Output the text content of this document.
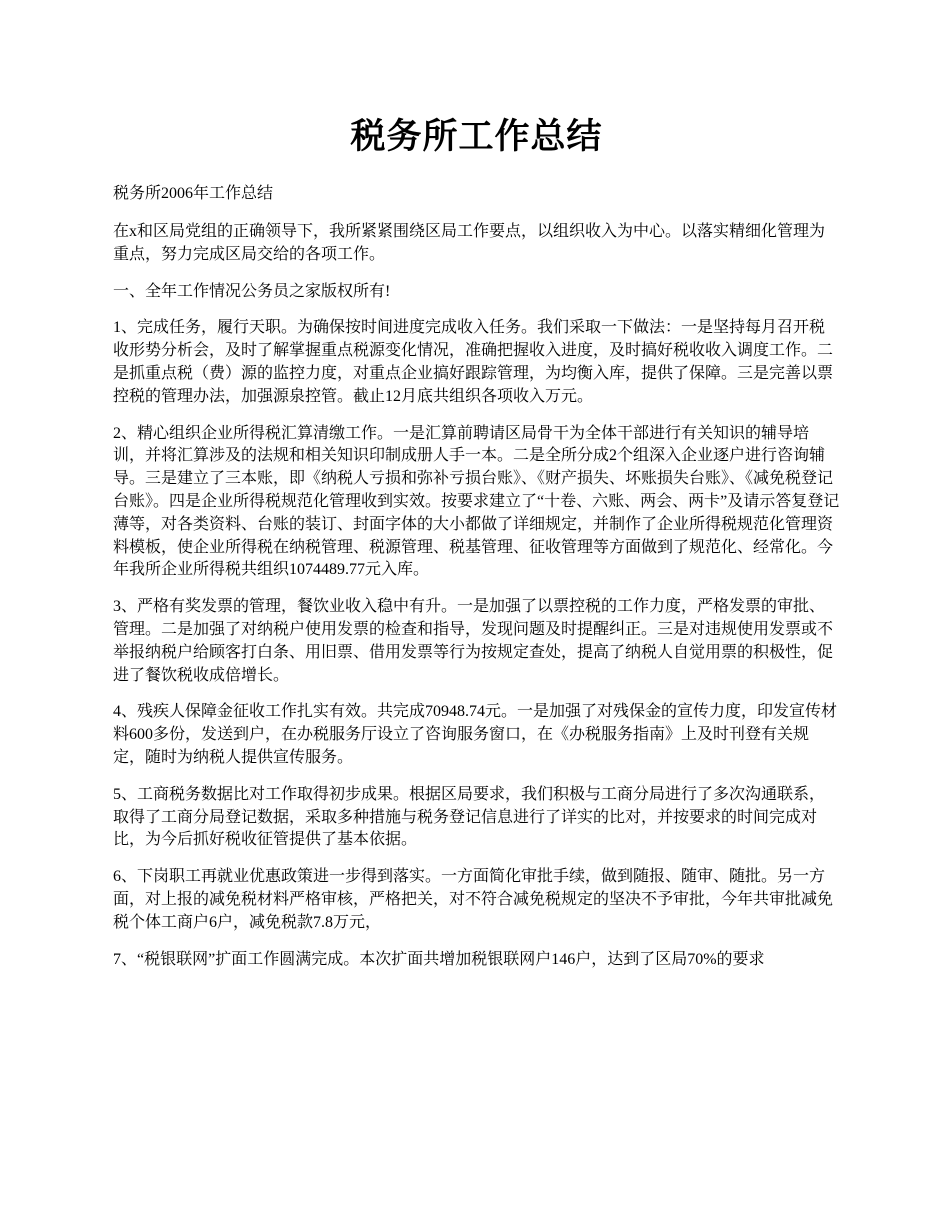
税务所工作总结

税务所2006年工作总结

在x和区局党组的正确领导下，我所紧紧围绕区局工作要点，以组织收入为中心。以落实精细化管理为重点，努力完成区局交给的各项工作。

一、全年工作情况公务员之家版权所有!

1、完成任务，履行天职。为确保按时间进度完成收入任务。我们采取一下做法：一是坚持每月召开税收形势分析会，及时了解掌握重点税源变化情况，准确把握收入进度，及时搞好税收收入调度工作。二是抓重点税（费）源的监控力度，对重点企业搞好跟踪管理，为均衡入库，提供了保障。三是完善以票控税的管理办法，加强源泉控管。截止12月底共组织各项收入万元。

2、精心组织企业所得税汇算清缴工作。一是汇算前聘请区局骨干为全体干部进行有关知识的辅导培训，并将汇算涉及的法规和相关知识印制成册人手一本。二是全所分成2个组深入企业逐户进行咨询辅导。三是建立了三本账，即《纳税人亏损和弥补亏损台账》、《财产损失、坏账损失台账》、《减免税登记台账》。四是企业所得税规范化管理收到实效。按要求建立了“十卷、六账、两会、两卡”及请示答复登记薄等，对各类资料、台账的装订、封面字体的大小都做了详细规定，并制作了企业所得税规范化管理资料模板，使企业所得税在纳税管理、税源管理、税基管理、征收管理等方面做到了规范化、经常化。今年我所企业所得税共组织1074489.77元入库。

3、严格有奖发票的管理，餐饮业收入稳中有升。一是加强了以票控税的工作力度，严格发票的审批、管理。二是加强了对纳税户使用发票的检查和指导，发现问题及时提醒纠正。三是对违规使用发票或不举报纳税户给顾客打白条、用旧票、借用发票等行为按规定查处，提高了纳税人自觉用票的积极性，促进了餐饮税收成倍增长。

4、残疾人保障金征收工作扎实有效。共完成70948.74元。一是加强了对残保金的宣传力度，印发宣传材料600多份，发送到户，在办税服务厅设立了咨询服务窗口，在《办税服务指南》上及时刊登有关规定，随时为纳税人提供宣传服务。

5、工商税务数据比对工作取得初步成果。根据区局要求，我们积极与工商分局进行了多次沟通联系，取得了工商分局登记数据，采取多种措施与税务登记信息进行了详实的比对，并按要求的时间完成对比，为今后抓好税收征管提供了基本依据。

6、下岗职工再就业优惠政策进一步得到落实。一方面简化审批手续，做到随报、随审、随批。另一方面，对上报的减免税材料严格审核，严格把关，对不符合减免税规定的坚决不予审批，今年共审批减免税个体工商户6户，减免税款7.8万元，

7、“税银联网”扩面工作圆满完成。本次扩面共增加税银联网户146户，达到了区局70%的要求
